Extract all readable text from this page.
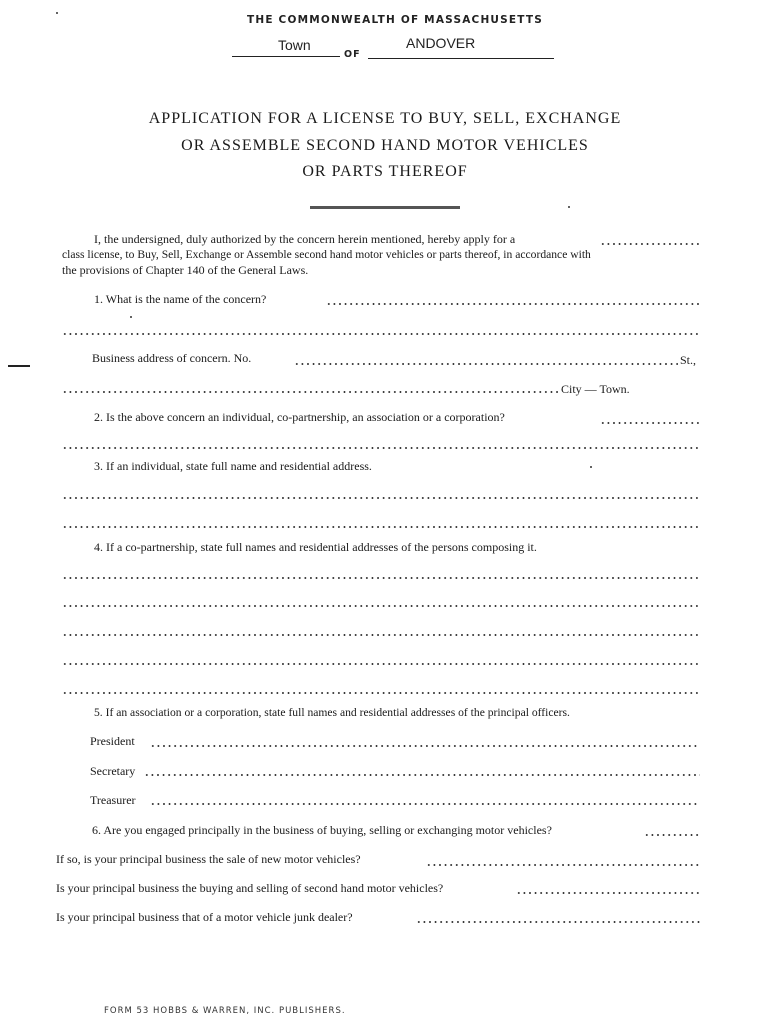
THE COMMONWEALTH OF MASSACHUSETTS
Town
OF
ANDOVER
APPLICATION FOR A LICENSE TO BUY, SELL, EXCHANGE
OR ASSEMBLE SECOND HAND MOTOR VEHICLES
OR PARTS THEREOF
I, the undersigned, duly authorized by the concern herein mentioned, hereby apply for a
class license, to Buy, Sell, Exchange or Assemble second hand motor vehicles or parts thereof, in accordance with
the provisions of Chapter 140 of the General Laws.
1. What is the name of the concern?
Business address of concern. No.	St.,
City — Town.
2. Is the above concern an individual, co-partnership, an association or a corporation?
3. If an individual, state full name and residential address.
4. If a co-partnership, state full names and residential addresses of the persons composing it.
5. If an association or a corporation, state full names and residential addresses of the principal officers.
President
Secretary
Treasurer
6. Are you engaged principally in the business of buying, selling or exchanging motor vehicles?
If so, is your principal business the sale of new motor vehicles?
Is your principal business the buying and selling of second hand motor vehicles?
Is your principal business that of a motor vehicle junk dealer?
FORM 53 HOBBS & WARREN, INC. PUBLISHERS.
